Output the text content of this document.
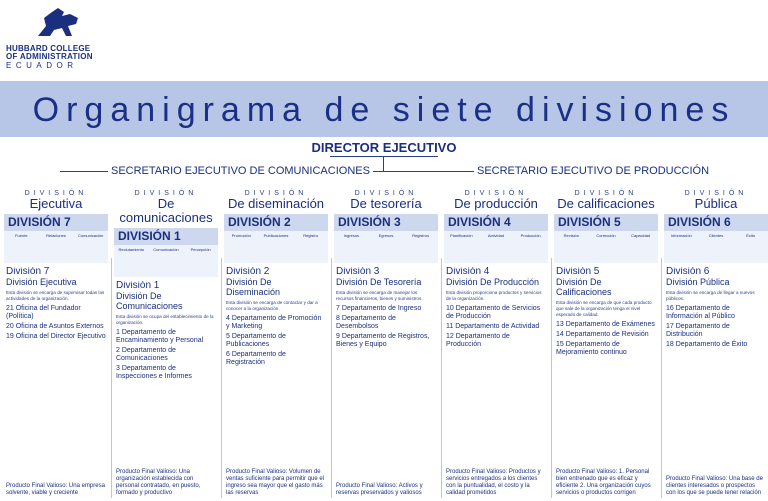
HUBBARD COLLEGE
OF ADMINISTRATION
ECUADOR
Organigrama de siete divisiones
DIRECTOR EJECUTIVO
SECRETARIO EJECUTIVO DE COMUNICACIONES	SECRETARIO EJECUTIVO DE PRODUCCIÓN
DIVISIÓN
Ejecutiva
DIVISIÓN 7
Fuente	Relaciones	Comunicación
División 7
División Ejecutiva
Esta división se encarga de supervisar todas las actividades de la organización.
21 Oficina del Fundador (Política)
20 Oficina de Asuntos Externos
19 Oficina del Director Ejecutivo
Producto Final Valioso: Una empresa solvente, viable y creciente
DIVISIÓN
De comunicaciones
DIVISIÓN 1
Reclutamiento	Comunicación	Percepción
División 1
División De Comunicaciones
Esta división se ocupa del establecimiento de la organización.
1 Departamento de Encaminamiento y Personal
2 Departamento de Comunicaciones
3 Departamento de Inspecciones e Informes
Producto Final Valioso: Una organización establecida con personal contratado, en puesto, formado y productivo
DIVISIÓN
De diseminación
DIVISIÓN 2
Promoción	Publicaciones	Registro
División 2
División De Diseminación
Esta división se encarga de contactar y dar a conocer a la organización.
4 Departamento de Promoción y Marketing
5 Departamento de Publicaciones
6 Departamento de Registración
Producto Final Valioso: Volumen de ventas suficiente para permitir que el ingreso sea mayor que el gasto más las reservas
DIVISIÓN
De tesorería
DIVISIÓN 3
Ingresos	Egresos	Registros
División 3
División De Tesorería
Esta división se encarga de manejar los recursos financieros, bienes y suministros.
7 Departamento de Ingreso
8 Departamento de Desembolsos
9 Departamento de Registros, Bienes y Equipo
Producto Final Valioso: Activos y reservas preservados y valiosos
DIVISIÓN
De producción
DIVISIÓN 4
Planificación	Actividad	Producción
División 4
División De Producción
Esta división proporciona productos y servicios de la organización.
10 Departamento de Servicios de Producción
11 Departamento de Actividad
12 Departamento de Producción
Producto Final Valioso: Productos y servicios entregados a los clientes con la puntualidad, el costo y la calidad prometidos
DIVISIÓN
De calificaciones
DIVISIÓN 5
Revisión	Corrección	Capacidad
División 5
División De Calificaciones
Esta división se encarga de que cada producto que sale de la organización tenga el nivel esperado de calidad.
13 Departamento de Exámenes
14 Departamento de Revisión
15 Departamento de Mejoramiento continuo
Producto Final Valioso: 1. Personal bien entrenado que es eficaz y eficiente 2. Una organización cuyos servicios o productos corrigen
DIVISIÓN
Pública
DIVISIÓN 6
Información	Clientes	Éxito
División 6
División Pública
Esta división se encarga de llegar a nuevos públicos.
16 Departamento de Información al Público
17 Departamento de Distribución
18 Departamento de Éxito
Producto Final Valioso: Una base de clientes interesados o prospectos con los que se puede tener relación
